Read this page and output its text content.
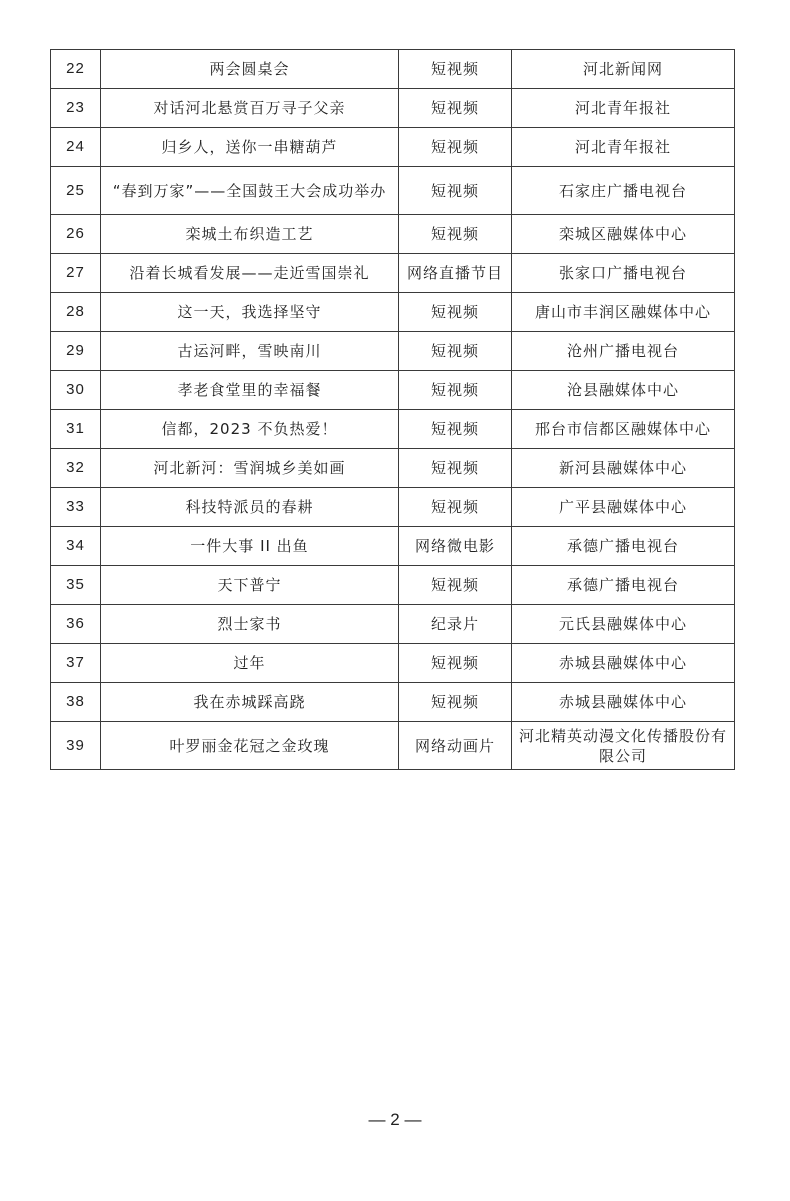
22	两会圆桌会	短视频	河北新闻网
23	对话河北悬赏百万寻子父亲	短视频	河北青年报社
24	归乡人，送你一串糖葫芦	短视频	河北青年报社
25	“春到万家”——全国鼓王大会成功举办	短视频	石家庄广播电视台
26	栾城土布织造工艺	短视频	栾城区融媒体中心
27	沿着长城看发展——走近雪国崇礼	网络直播节目	张家口广播电视台
28	这一天，我选择坚守	短视频	唐山市丰润区融媒体中心
29	古运河畔，雪映南川	短视频	沧州广播电视台
30	孝老食堂里的幸福餐	短视频	沧县融媒体中心
31	信都，2023 不负热爱！	短视频	邢台市信都区融媒体中心
32	河北新河：雪润城乡美如画	短视频	新河县融媒体中心
33	科技特派员的春耕	短视频	广平县融媒体中心
34	一件大事 II 出鱼	网络微电影	承德广播电视台
35	天下普宁	短视频	承德广播电视台
36	烈士家书	纪录片	元氏县融媒体中心
37	过年	短视频	赤城县融媒体中心
38	我在赤城踩高跷	短视频	赤城县融媒体中心
39	叶罗丽金花冠之金玫瑰	网络动画片	河北精英动漫文化传播股份有限公司
— 2 —
